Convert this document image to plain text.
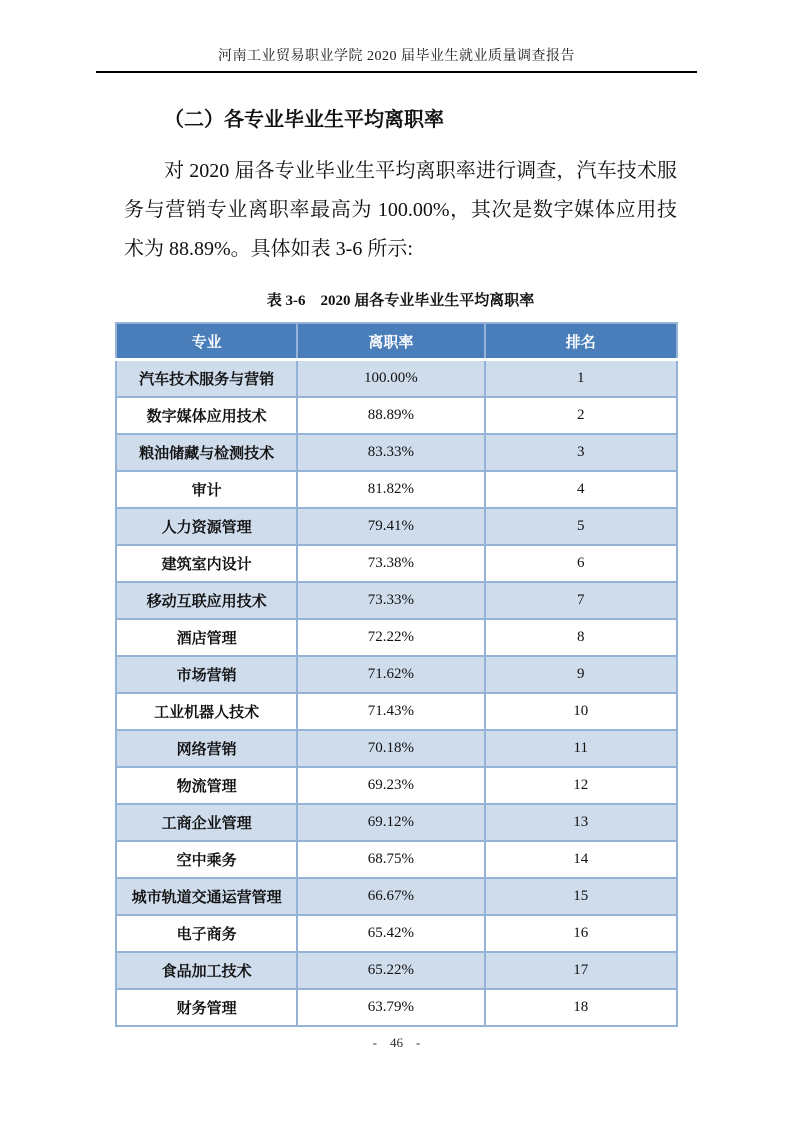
河南工业贸易职业学院 2020 届毕业生就业质量调查报告
（二）各专业毕业生平均离职率

对 2020 届各专业毕业生平均离职率进行调查，汽车技术服务与营销专业离职率最高为 100.00%，其次是数字媒体应用技术为 88.89%。具体如表 3-6 所示:

表 3-6　2020 届各专业毕业生平均离职率
专业	离职率	排名
汽车技术服务与营销	100.00%	1
数字媒体应用技术	88.89%	2
粮油储藏与检测技术	83.33%	3
审计	81.82%	4
人力资源管理	79.41%	5
建筑室内设计	73.38%	6
移动互联应用技术	73.33%	7
酒店管理	72.22%	8
市场营销	71.62%	9
工业机器人技术	71.43%	10
网络营销	70.18%	11
物流管理	69.23%	12
工商企业管理	69.12%	13
空中乘务	68.75%	14
城市轨道交通运营管理	66.67%	15
电子商务	65.42%	16
食品加工技术	65.22%	17
财务管理	63.79%	18
-　46　-
